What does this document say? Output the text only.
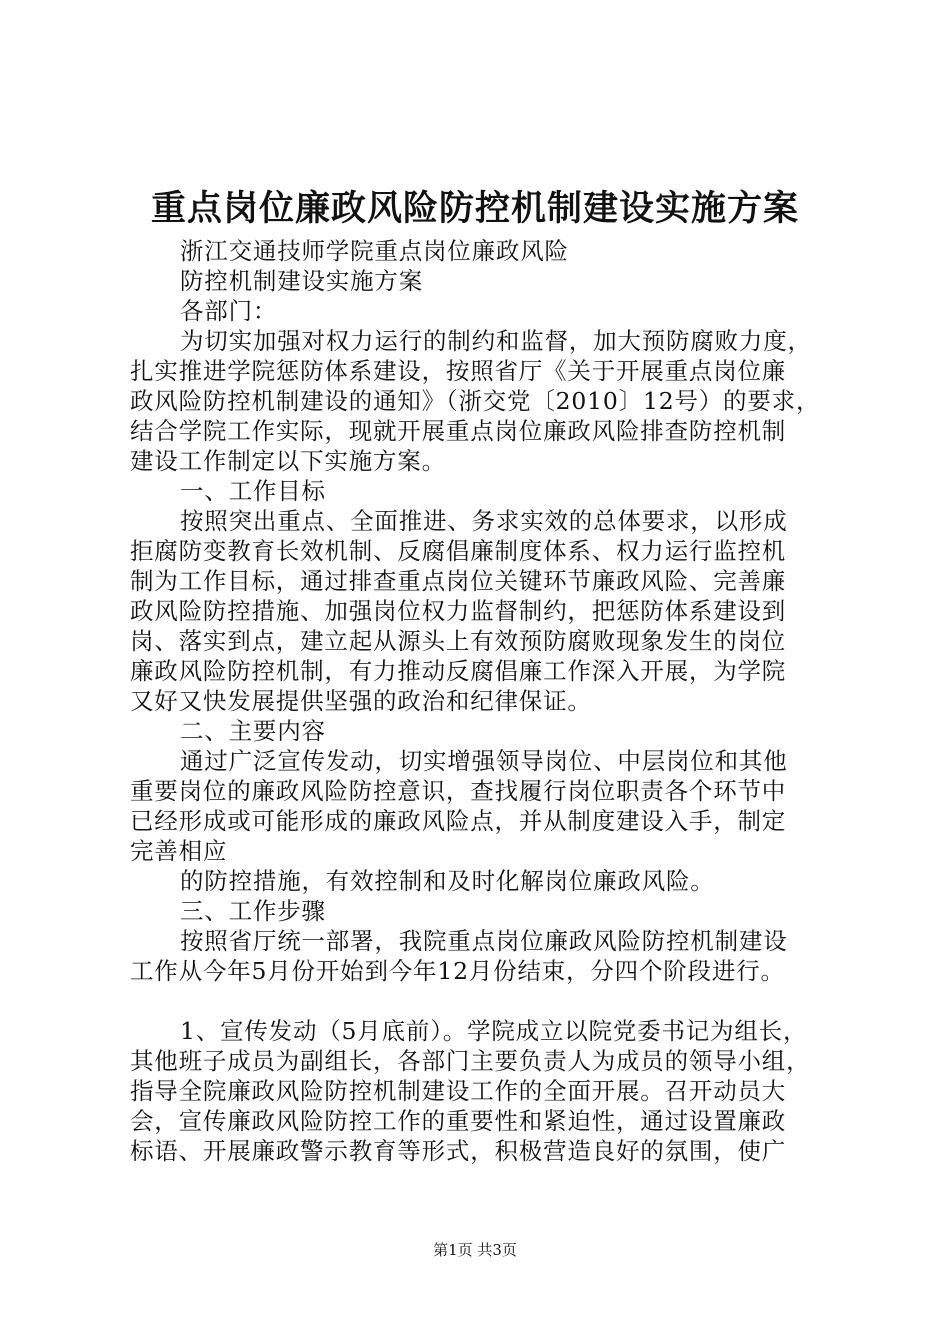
重点岗位廉政风险防控机制建设实施方案
浙江交通技师学院重点岗位廉政风险
防控机制建设实施方案
各部门：
为切实加强对权力运行的制约和监督，加大预防腐败力度，
扎实推进学院惩防体系建设，按照省厅《关于开展重点岗位廉
政风险防控机制建设的通知》（浙交党〔2010〕12号）的要求，
结合学院工作实际，现就开展重点岗位廉政风险排查防控机制
建设工作制定以下实施方案。
一、工作目标
按照突出重点、全面推进、务求实效的总体要求，以形成
拒腐防变教育长效机制、反腐倡廉制度体系、权力运行监控机
制为工作目标，通过排查重点岗位关键环节廉政风险、完善廉
政风险防控措施、加强岗位权力监督制约，把惩防体系建设到
岗、落实到点，建立起从源头上有效预防腐败现象发生的岗位
廉政风险防控机制，有力推动反腐倡廉工作深入开展，为学院
又好又快发展提供坚强的政治和纪律保证。
二、主要内容
通过广泛宣传发动，切实增强领导岗位、中层岗位和其他
重要岗位的廉政风险防控意识，查找履行岗位职责各个环节中
已经形成或可能形成的廉政风险点，并从制度建设入手，制定
完善相应
的防控措施，有效控制和及时化解岗位廉政风险。
三、工作步骤
按照省厅统一部署，我院重点岗位廉政风险防控机制建设
工作从今年5月份开始到今年12月份结束，分四个阶段进行。
1、宣传发动（5月底前）。学院成立以院党委书记为组长，
其他班子成员为副组长，各部门主要负责人为成员的领导小组，
指导全院廉政风险防控机制建设工作的全面开展。召开动员大
会，宣传廉政风险防控工作的重要性和紧迫性，通过设置廉政
标语、开展廉政警示教育等形式，积极营造良好的氛围，使广
第1页 共3页
